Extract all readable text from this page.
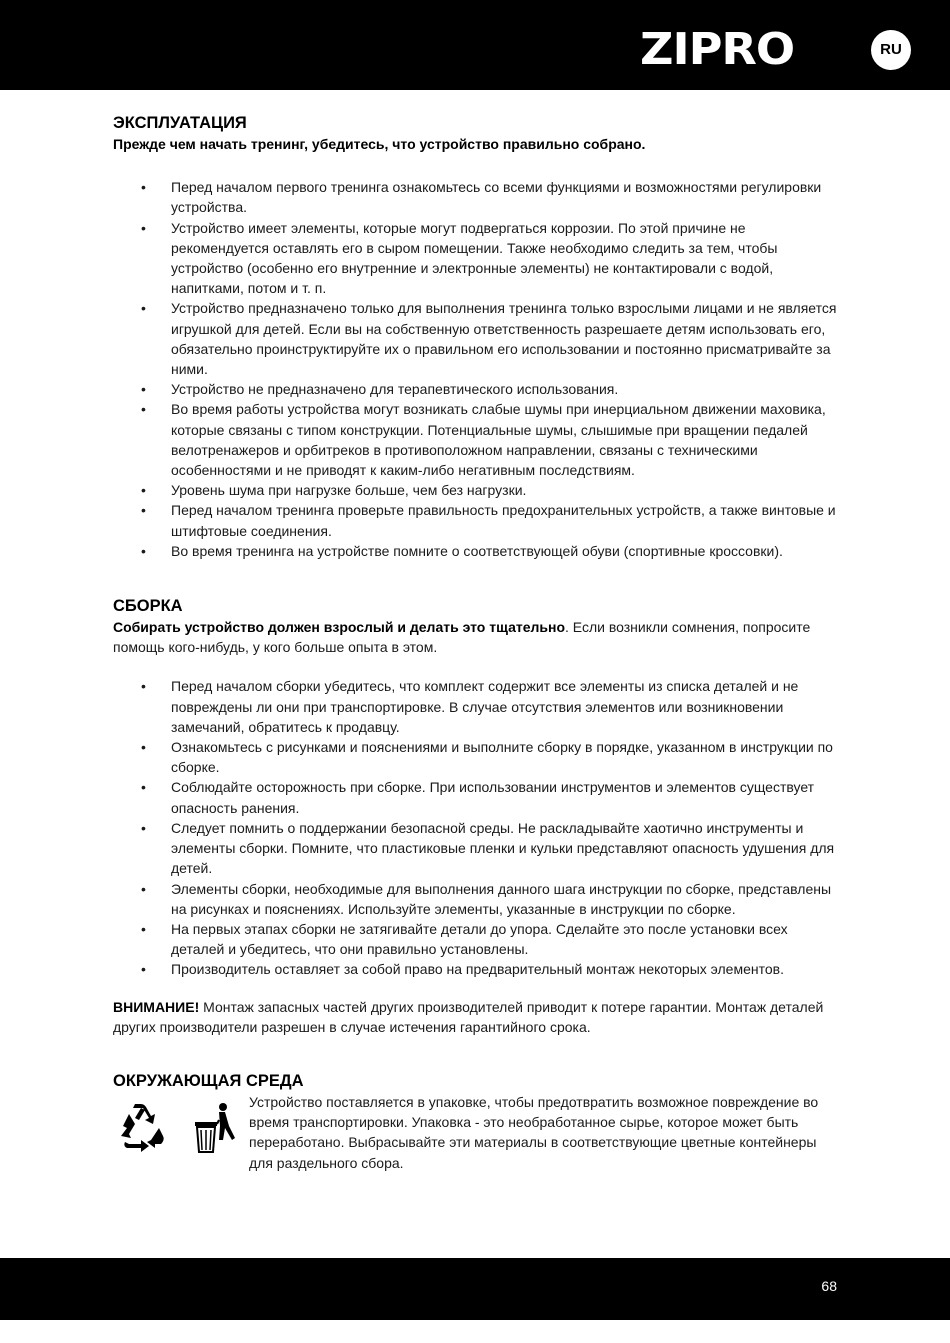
ZIPRO	RU
ЭКСПЛУАТАЦИЯ

Прежде чем начать тренинг, убедитесь, что устройство правильно собрано.

• Перед началом первого тренинга ознакомьтесь со всеми функциями и возможностями регулировки устройства.
• Устройство имеет элементы, которые могут подвергаться коррозии. По этой причине не рекомендуется оставлять его в сыром помещении. Также необходимо следить за тем, чтобы устройство (особенно его внутренние и электронные элементы) не контактировали с водой, напитками, потом и т. п.
• Устройство предназначено только для выполнения тренинга только взрослыми лицами и не является игрушкой для детей. Если вы на собственную ответственность разрешаете детям использовать его, обязательно проинструктируйте их о правильном его использовании и постоянно присматривайте за ними.
• Устройство не предназначено для терапевтического использования.
• Во время работы устройства могут возникать слабые шумы при инерциальном движении маховика, которые связаны с типом конструкции. Потенциальные шумы, слышимые при вращении педалей велотренажеров и орбитреков в противоположном направлении, связаны с техническими особенностями и не приводят к каким-либо негативным последствиям.
• Уровень шума при нагрузке больше, чем без нагрузки.
• Перед началом тренинга проверьте правильность предохранительных устройств, а также винтовые и штифтовые соединения.
• Во время тренинга на устройстве помните о соответствующей обуви (спортивные кроссовки).
СБОРКА

Собирать устройство должен взрослый и делать это тщательно. Если возникли сомнения, попросите помощь кого-нибудь, у кого больше опыта в этом.

• Перед началом сборки убедитесь, что комплект содержит все элементы из списка деталей и не повреждены ли они при транспортировке. В случае отсутствия элементов или возникновении замечаний, обратитесь к продавцу.
• Ознакомьтесь с рисунками и пояснениями и выполните сборку в порядке, указанном в инструкции по сборке.
• Соблюдайте осторожность при сборке. При использовании инструментов и элементов существует опасность ранения.
• Следует помнить о поддержании безопасной среды. Не раскладывайте хаотично инструменты и элементы сборки. Помните, что пластиковые пленки и кульки представляют опасность удушения для детей.
• Элементы сборки, необходимые для выполнения данного шага инструкции по сборке, представлены на рисунках и пояснениях. Используйте элементы, указанные в инструкции по сборке.
• На первых этапах сборки не затягивайте детали до упора. Сделайте это после установки всех деталей и убедитесь, что они правильно установлены.
• Производитель оставляет за собой право на предварительный монтаж некоторых элементов.

ВНИМАНИЕ! Монтаж запасных частей других производителей приводит к потере гарантии. Монтаж деталей других производители разрешен в случае истечения гарантийного срока.

ОКРУЖАЮЩАЯ СРЕДА
Устройство поставляется в упаковке, чтобы предотвратить возможное повреждение во время транспортировки. Упаковка - это необработанное сырье, которое может быть переработано. Выбрасывайте эти материалы в соответствующие цветные контейнеры для раздельного сбора.
68
